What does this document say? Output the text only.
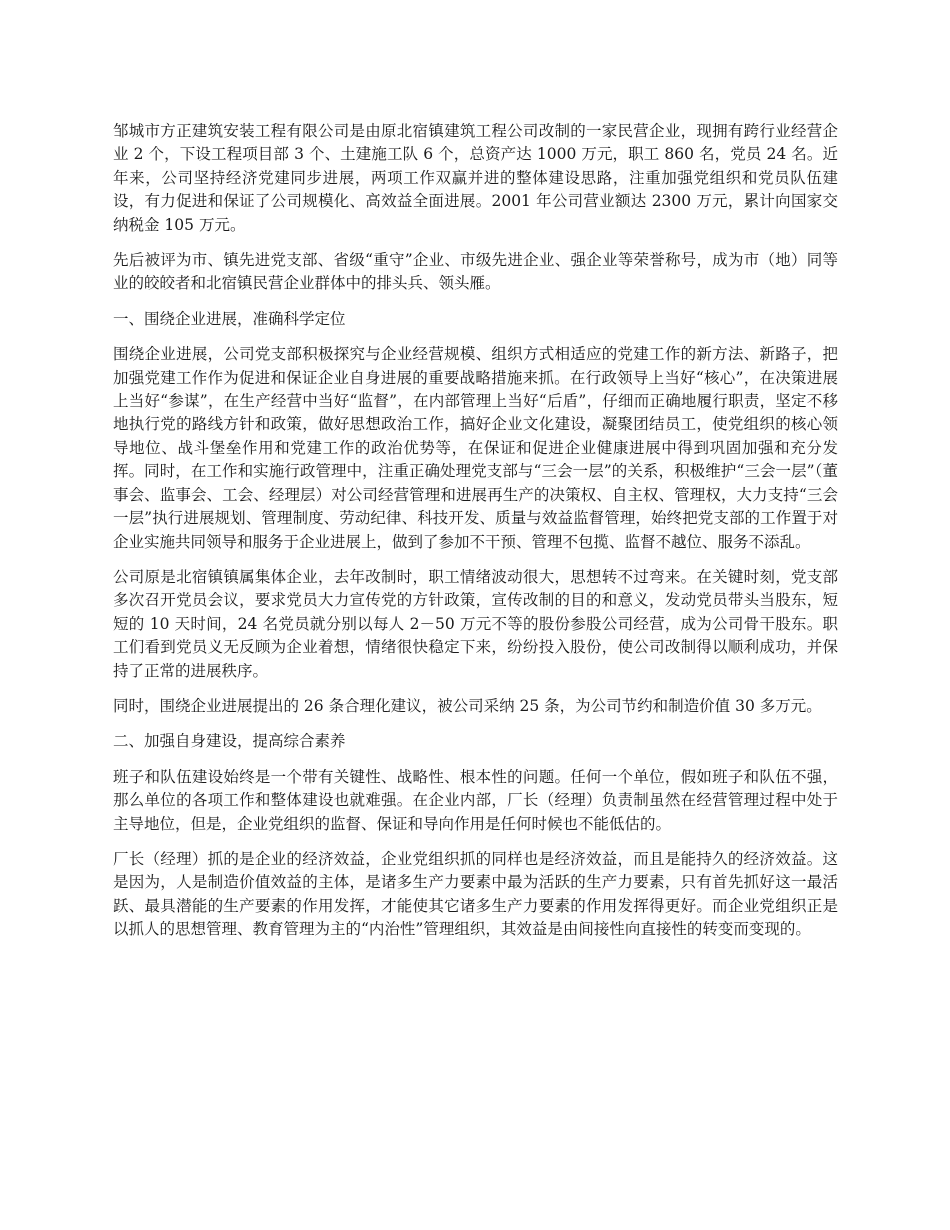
邹城市方正建筑安装工程有限公司是由原北宿镇建筑工程公司改制的一家民营企业，现拥有跨行业经营企业 2 个，下设工程项目部 3 个、土建施工队 6 个，总资产达 1000 万元，职工 860 名，党员 24 名。近年来，公司坚持经济党建同步进展，两项工作双赢并进的整体建设思路，注重加强党组织和党员队伍建设，有力促进和保证了公司规模化、高效益全面进展。2001 年公司营业额达 2300 万元，累计向国家交纳税金 105 万元。

先后被评为市、镇先进党支部、省级“重守”企业、市级先进企业、强企业等荣誉称号，成为市（地）同等业的皎皎者和北宿镇民营企业群体中的排头兵、领头雁。

一、围绕企业进展，准确科学定位

围绕企业进展，公司党支部积极探究与企业经营规模、组织方式相适应的党建工作的新方法、新路子，把加强党建工作作为促进和保证企业自身进展的重要战略措施来抓。在行政领导上当好“核心”，在决策进展上当好“参谋”，在生产经营中当好“监督”，在内部管理上当好“后盾”，仔细而正确地履行职责，坚定不移地执行党的路线方针和政策，做好思想政治工作，搞好企业文化建设，凝聚团结员工，使党组织的核心领导地位、战斗堡垒作用和党建工作的政治优势等，在保证和促进企业健康进展中得到巩固加强和充分发挥。同时，在工作和实施行政管理中，注重正确处理党支部与“三会一层”的关系，积极维护“三会一层”（董事会、监事会、工会、经理层）对公司经营管理和进展再生产的决策权、自主权、管理权，大力支持“三会一层”执行进展规划、管理制度、劳动纪律、科技开发、质量与效益监督管理，始终把党支部的工作置于对企业实施共同领导和服务于企业进展上，做到了参加不干预、管理不包揽、监督不越位、服务不添乱。

公司原是北宿镇镇属集体企业，去年改制时，职工情绪波动很大，思想转不过弯来。在关键时刻，党支部多次召开党员会议，要求党员大力宣传党的方针政策，宣传改制的目的和意义，发动党员带头当股东，短短的 10 天时间，24 名党员就分别以每人 2－50 万元不等的股份参股公司经营，成为公司骨干股东。职工们看到党员义无反顾为企业着想，情绪很快稳定下来，纷纷投入股份，使公司改制得以顺利成功，并保持了正常的进展秩序。

同时，围绕企业进展提出的 26 条合理化建议，被公司采纳 25 条，为公司节约和制造价值 30 多万元。

二、加强自身建设，提高综合素养

班子和队伍建设始终是一个带有关键性、战略性、根本性的问题。任何一个单位，假如班子和队伍不强，那么单位的各项工作和整体建设也就难强。在企业内部，厂长（经理）负责制虽然在经营管理过程中处于主导地位，但是，企业党组织的监督、保证和导向作用是任何时候也不能低估的。

厂长（经理）抓的是企业的经济效益，企业党组织抓的同样也是经济效益，而且是能持久的经济效益。这是因为，人是制造价值效益的主体，是诸多生产力要素中最为活跃的生产力要素，只有首先抓好这一最活跃、最具潜能的生产要素的作用发挥，才能使其它诸多生产力要素的作用发挥得更好。而企业党组织正是以抓人的思想管理、教育管理为主的“内治性”管理组织，其效益是由间接性向直接性的转变而变现的。
